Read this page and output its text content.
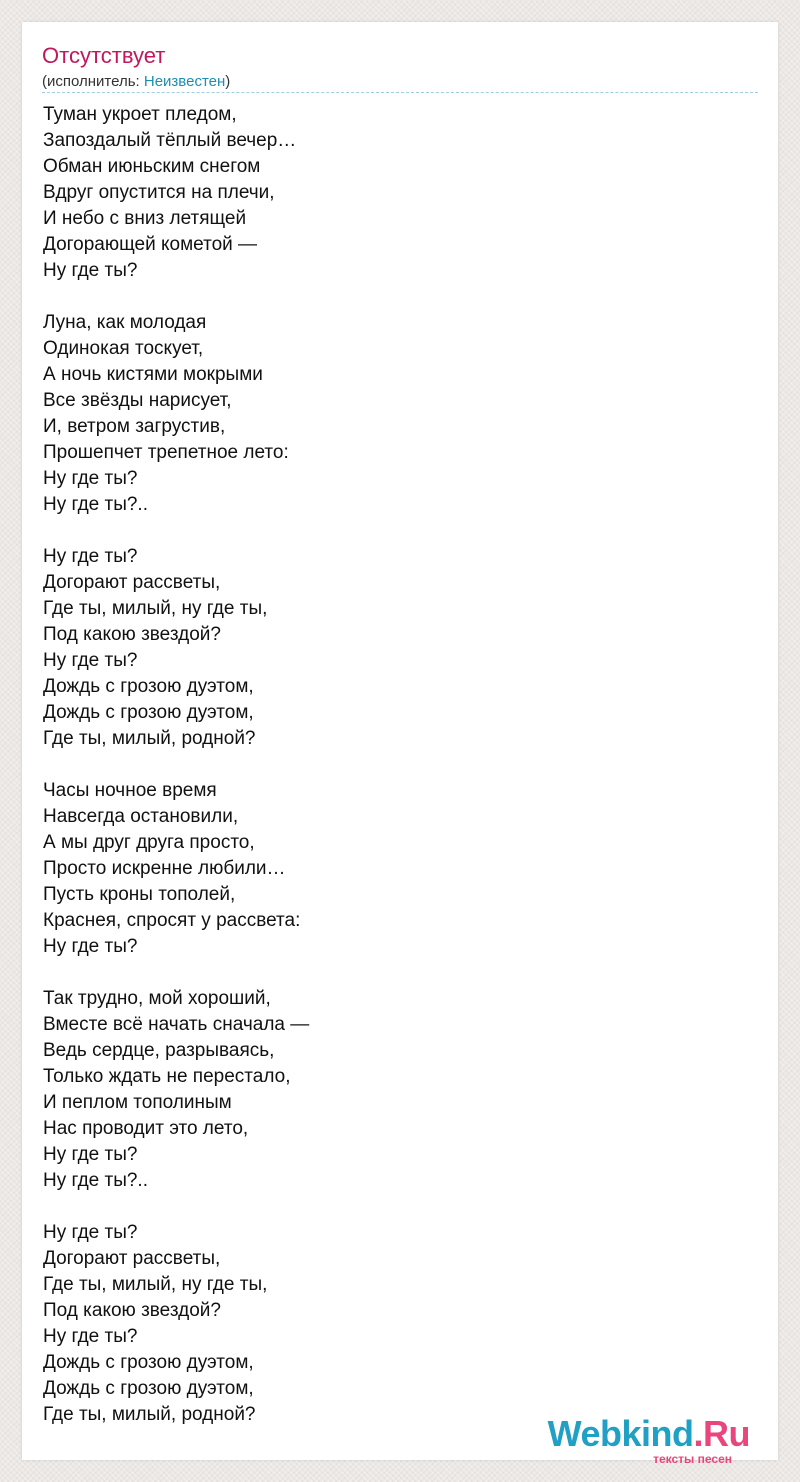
Отсутствует
(исполнитель: Неизвестен)
Туман укроет пледом,
Запоздалый тёплый вечер…
Обман июньским снегом
Вдруг опустится на плечи,
И небо с вниз летящей
Догорающей кометой —
Ну где ты?
Луна, как молодая
Одинокая тоскует,
А ночь кистями мокрыми
Все звёзды нарисует,
И, ветром загрустив,
Прошепчет трепетное лето:
Ну где ты?
Ну где ты?..
Ну где ты?
Догорают рассветы,
Где ты, милый, ну где ты,
Под какою звездой?
Ну где ты?
Дождь с грозою дуэтом,
Дождь с грозою дуэтом,
Где ты, милый, родной?
Часы ночное время
Навсегда остановили,
А мы друг друга просто,
Просто искренне любили…
Пусть кроны тополей,
Краснея, спросят у рассвета:
Ну где ты?
Так трудно, мой хороший,
Вместе всё начать сначала —
Ведь сердце, разрываясь,
Только ждать не перестало,
И пеплом тополиным
Нас проводит это лето,
Ну где ты?
Ну где ты?..
Ну где ты?
Догорают рассветы,
Где ты, милый, ну где ты,
Под какою звездой?
Ну где ты?
Дождь с грозою дуэтом,
Дождь с грозою дуэтом,
Где ты, милый, родной?	Webkind.Ru
тексты песен
